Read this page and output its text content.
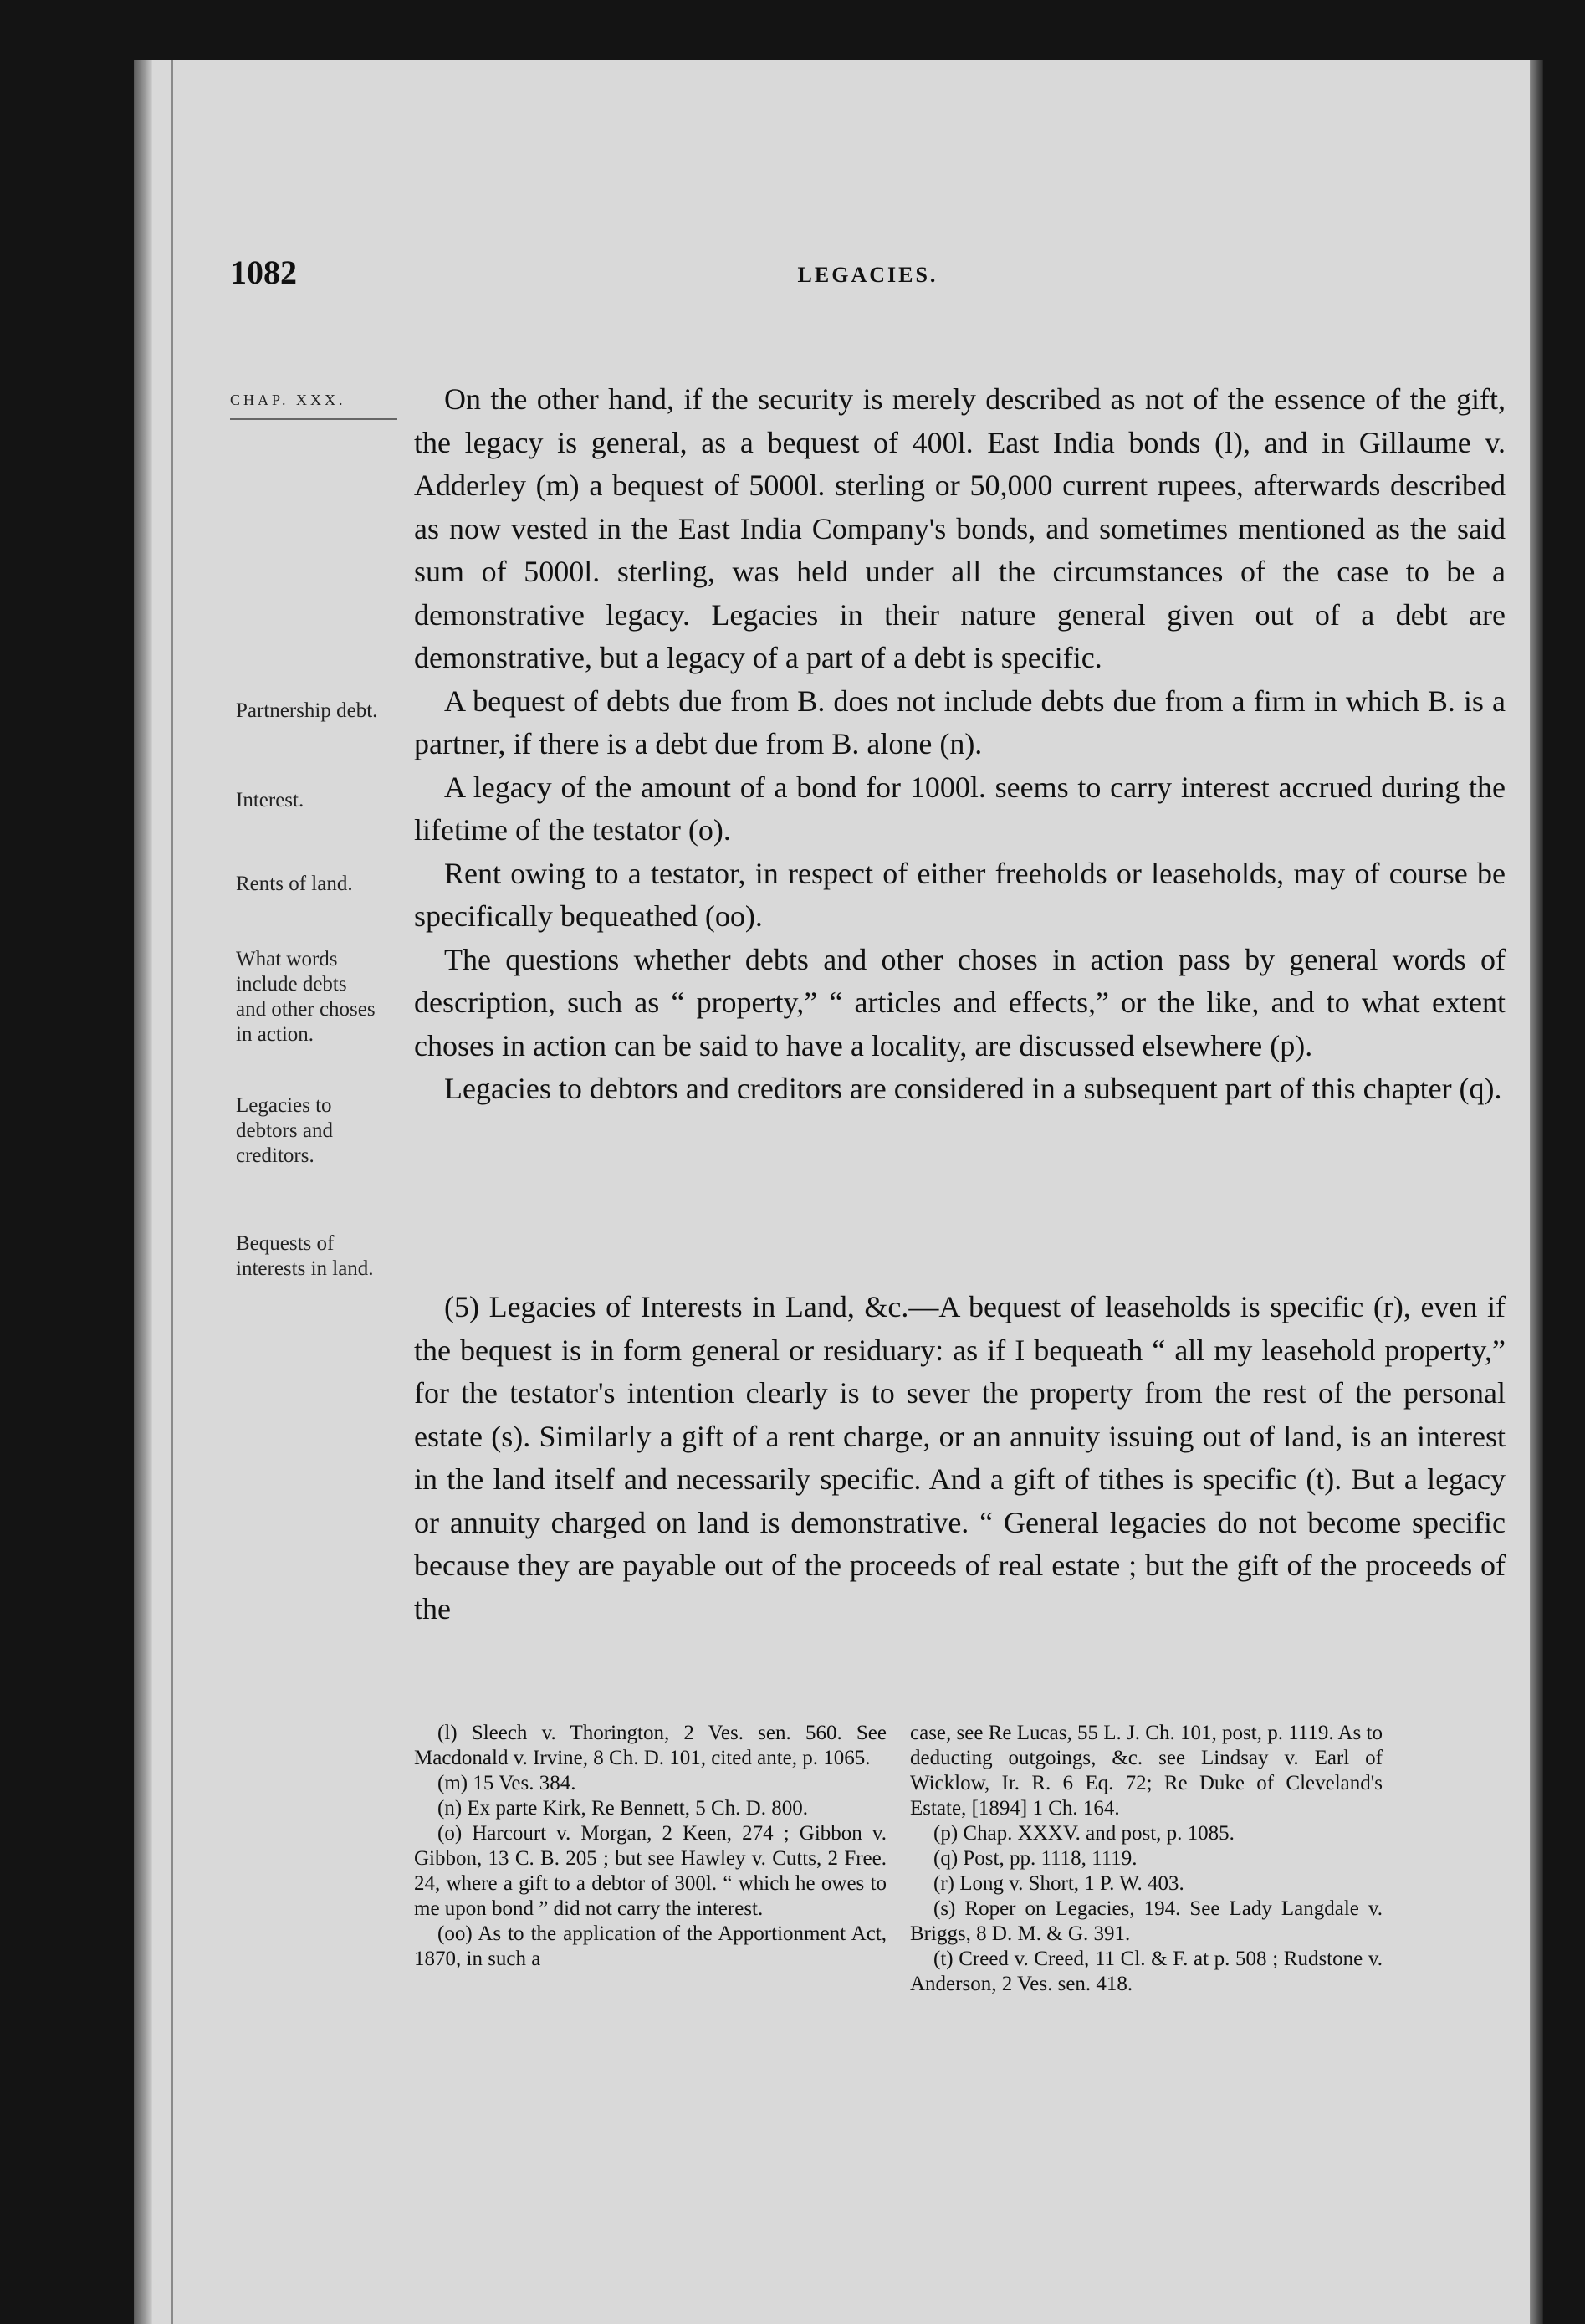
1082	LEGACIES.
CHAP. XXX.
Partnership debt.
Interest.
Rents of land.
What words include debts and other choses in action.
Legacies to debtors and creditors.
Bequests of interests in land.

On the other hand, if the security is merely described as not of the essence of the gift, the legacy is general, as a bequest of 400l. East India bonds (l), and in Gillaume v. Adderley (m) a bequest of 5000l. sterling or 50,000 current rupees, afterwards described as now vested in the East India Company's bonds, and sometimes mentioned as the said sum of 5000l. sterling, was held under all the circumstances of the case to be a demonstrative legacy. Legacies in their nature general given out of a debt are demonstrative, but a legacy of a part of a debt is specific.

A bequest of debts due from B. does not include debts due from a firm in which B. is a partner, if there is a debt due from B. alone (n).

A legacy of the amount of a bond for 1000l. seems to carry interest accrued during the lifetime of the testator (o).

Rent owing to a testator, in respect of either freeholds or leaseholds, may of course be specifically bequeathed (oo).

The questions whether debts and other choses in action pass by general words of description, such as “ property,” “ articles and effects,” or the like, and to what extent choses in action can be said to have a locality, are discussed elsewhere (p).

Legacies to debtors and creditors are considered in a subsequent part of this chapter (q).

(5) Legacies of Interests in Land, &c.—A bequest of leaseholds is specific (r), even if the bequest is in form general or residuary: as if I bequeath “ all my leasehold property,” for the testator's intention clearly is to sever the property from the rest of the personal estate (s). Similarly a gift of a rent charge, or an annuity issuing out of land, is an interest in the land itself and necessarily specific. And a gift of tithes is specific (t). But a legacy or annuity charged on land is demonstrative. “ General legacies do not become specific because they are payable out of the proceeds of real estate ; but the gift of the proceeds of the

(l) Sleech v. Thorington, 2 Ves. sen. 560. See Macdonald v. Irvine, 8 Ch. D. 101, cited ante, p. 1065.

(m) 15 Ves. 384.

(n) Ex parte Kirk, Re Bennett, 5 Ch. D. 800.

(o) Harcourt v. Morgan, 2 Keen, 274 ; Gibbon v. Gibbon, 13 C. B. 205 ; but see Hawley v. Cutts, 2 Free. 24, where a gift to a debtor of 300l. “ which he owes to me upon bond ” did not carry the interest.

(oo) As to the application of the Apportionment Act, 1870, in such a

case, see Re Lucas, 55 L. J. Ch. 101, post, p. 1119. As to deducting outgoings, &c. see Lindsay v. Earl of Wicklow, Ir. R. 6 Eq. 72; Re Duke of Cleveland's Estate, [1894] 1 Ch. 164.

(p) Chap. XXXV. and post, p. 1085.

(q) Post, pp. 1118, 1119.

(r) Long v. Short, 1 P. W. 403.

(s) Roper on Legacies, 194. See Lady Langdale v. Briggs, 8 D. M. & G. 391.

(t) Creed v. Creed, 11 Cl. & F. at p. 508 ; Rudstone v. Anderson, 2 Ves. sen. 418.
